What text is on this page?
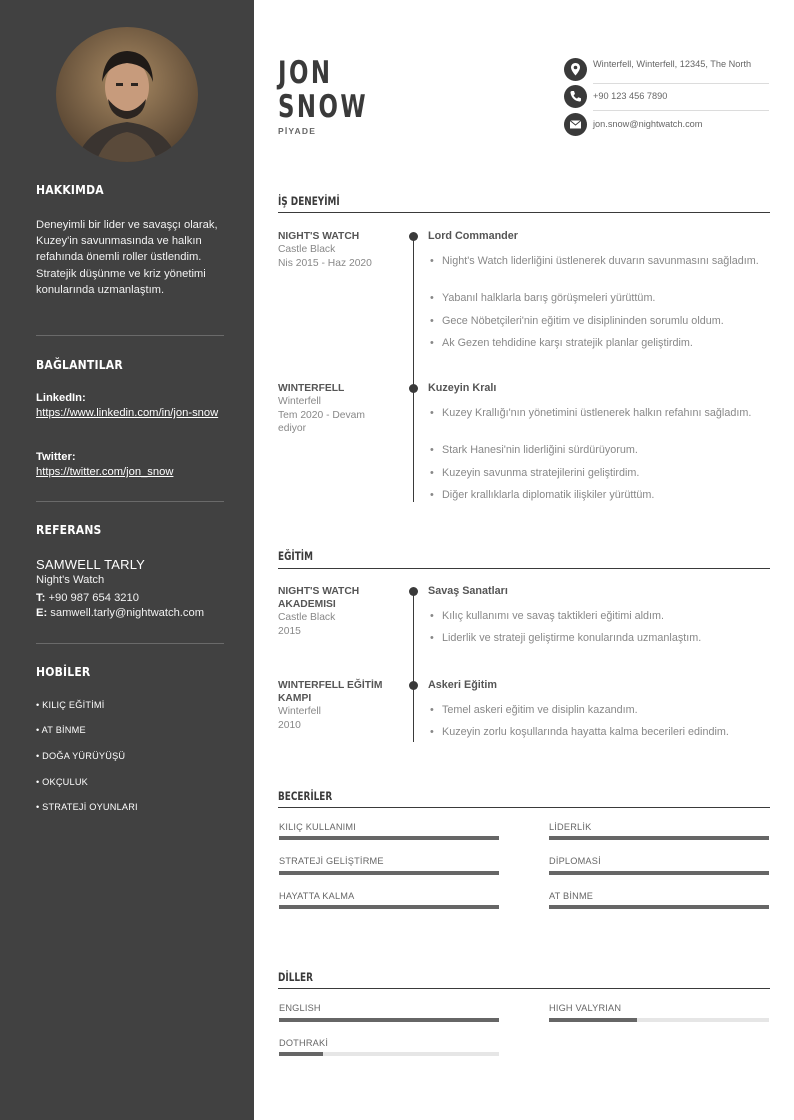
HAKKIMDA
Deneyimli bir lider ve savaşçı olarak, Kuzey'in savunmasında ve halkın refahında önemli roller üstlendim. Stratejik düşünme ve kriz yönetimi konularında uzmanlaştım.
BAĞLANTILAR
LinkedIn:
https://www.linkedin.com/in/jon-snow
Twitter:
https://twitter.com/jon_snow
REFERANS
SAMWELL TARLY
Night's Watch
T: +90 987 654 3210
E: samwell.tarly@nightwatch.com
HOBİLER
• KILIÇ EĞİTİMİ
• AT BİNME
• DOĞA YÜRÜYÜŞÜ
• OKÇULUK
• STRATEJİ OYUNLARI
JON
SNOW
PİYADE
Winterfell, Winterfell, 12345, The North
+90 123 456 7890
jon.snow@nightwatch.com
İŞ DENEYİMİ
NIGHT'S WATCH
Castle Black
Nis 2015 - Haz 2020
Lord Commander
• Night's Watch liderliğini üstlenerek duvarın savunmasını sağladım.
• Yabanıl halklarla barış görüşmeleri yürüttüm.
• Gece Nöbetçileri'nin eğitim ve disiplininden sorumlu oldum.
• Ak Gezen tehdidine karşı stratejik planlar geliştirdim.
WINTERFELL
Winterfell
Tem 2020 - Devam ediyor
Kuzeyin Kralı
• Kuzey Krallığı'nın yönetimini üstlenerek halkın refahını sağladım.
• Stark Hanesi'nin liderliğini sürdürüyorum.
• Kuzeyin savunma stratejilerini geliştirdim.
• Diğer krallıklarla diplomatik ilişkiler yürüttüm.
EĞİTİM
NIGHT'S WATCH AKADEMISI
Castle Black
2015
Savaş Sanatları
• Kılıç kullanımı ve savaş taktikleri eğitimi aldım.
• Liderlik ve strateji geliştirme konularında uzmanlaştım.
WINTERFELL EĞİTİM KAMPI
Winterfell
2010
Askeri Eğitim
• Temel askeri eğitim ve disiplin kazandım.
• Kuzeyin zorlu koşullarında hayatta kalma becerileri edindim.
BECERİLER
KILIÇ KULLANIMI	LİDERLİK
STRATEJİ GELİŞTİRME	DİPLOMASİ
HAYATTA KALMA	AT BİNME
DİLLER
ENGLISH	HIGH VALYRIAN
DOTHRAKİ
